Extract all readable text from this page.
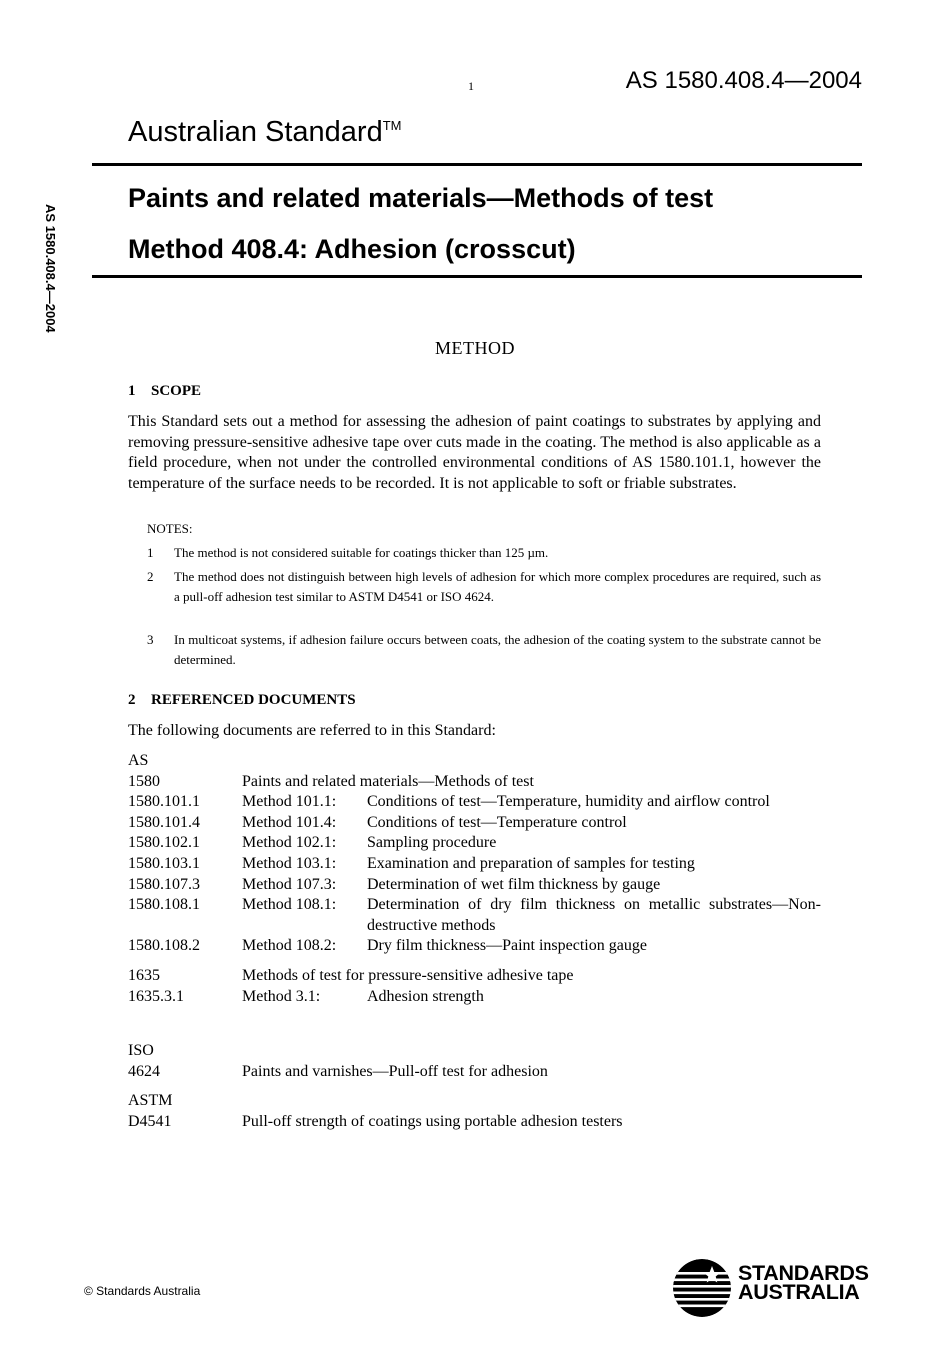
1	AS 1580.408.4—2004
Australian Standard™
Paints and related materials—Methods of test
Method 408.4: Adhesion (crosscut)
AS 1580.408.4—2004
METHOD
1 SCOPE
This Standard sets out a method for assessing the adhesion of paint coatings to substrates by applying and removing pressure-sensitive adhesive tape over cuts made in the coating. The method is also applicable as a field procedure, when not under the controlled environmental conditions of AS 1580.101.1, however the temperature of the surface needs to be recorded. It is not applicable to soft or friable substrates.
NOTES:
1 The method is not considered suitable for coatings thicker than 125 µm.
2 The method does not distinguish between high levels of adhesion for which more complex procedures are required, such as a pull-off adhesion test similar to ASTM D4541 or ISO 4624.
3 In multicoat systems, if adhesion failure occurs between coats, the adhesion of the coating system to the substrate cannot be determined.
2 REFERENCED DOCUMENTS
The following documents are referred to in this Standard:
AS
1580	Paints and related materials—Methods of test
1580.101.1	Method 101.1:	Conditions of test—Temperature, humidity and airflow control
1580.101.4	Method 101.4:	Conditions of test—Temperature control
1580.102.1	Method 102.1:	Sampling procedure
1580.103.1	Method 103.1:	Examination and preparation of samples for testing
1580.107.3	Method 107.3:	Determination of wet film thickness by gauge
1580.108.1	Method 108.1:	Determination of dry film thickness on metallic substrates—Non-destructive methods
1580.108.2	Method 108.2:	Dry film thickness—Paint inspection gauge
1635	Methods of test for pressure-sensitive adhesive tape
1635.3.1	Method 3.1:	Adhesion strength
ISO
4624	Paints and varnishes—Pull-off test for adhesion
ASTM
D4541	Pull-off strength of coatings using portable adhesion testers
© Standards Australia
STANDARDS
AUSTRALIA
